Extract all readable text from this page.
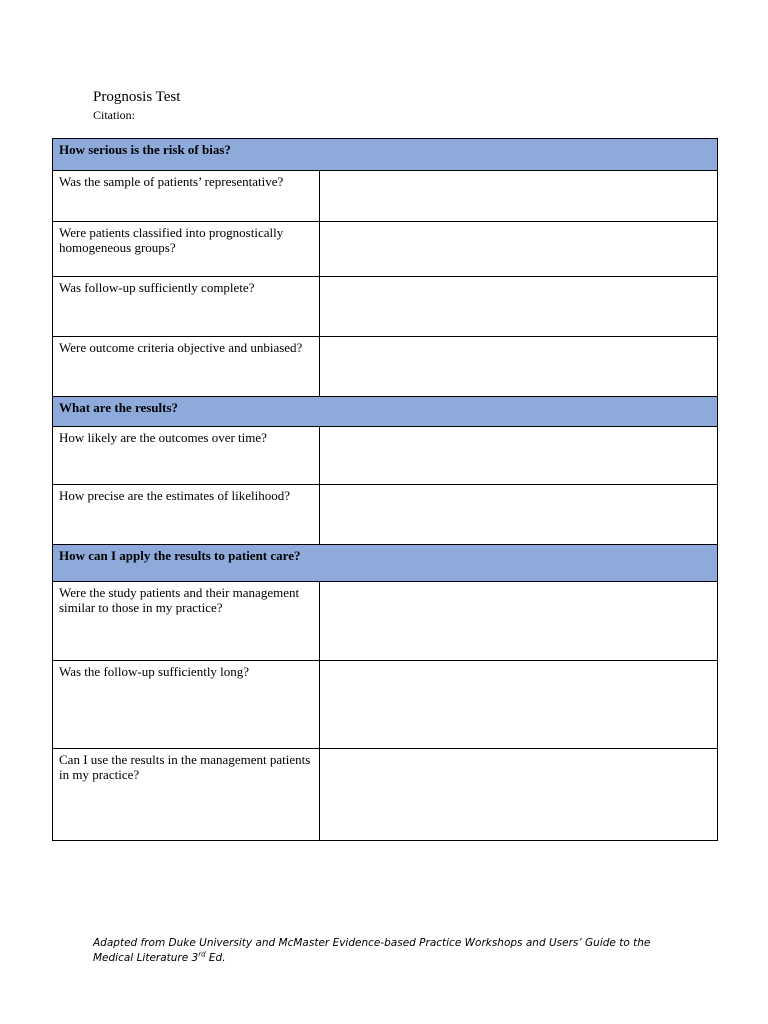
Prognosis Test
Citation:
How serious is the risk of bias?	
Was the sample of patients’ representative?	
Were patients classified into prognostically homogeneous groups?	
Was follow-up sufficiently complete?	
Were outcome criteria objective and unbiased?	
What are the results?	
How likely are the outcomes over time?	
How precise are the estimates of likelihood?	
How can I apply the results to patient care?	
Were the study patients and their management similar to those in my practice?	
Was the follow-up sufficiently long?	
Can I use the results in the management patients in my practice?	
Adapted from Duke University and McMaster Evidence-based Practice Workshops and Users’ Guide to the Medical Literature 3rd Ed.
